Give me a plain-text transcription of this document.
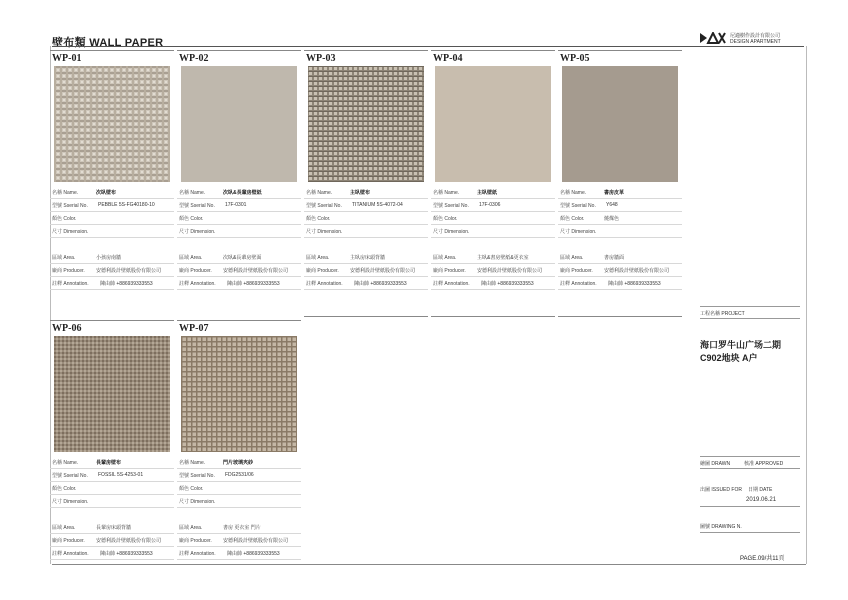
壁布類 WALL PAPER
尼適樹作設計有限公司
DESIGN APARTMENT
WP-01
名稱 Name.	次臥壁布
型號 Sserial No. PEBBLE 5S-FG40180-10
顏色 Color.
尺寸 Dimension.
區域 Area.	小孩房南牆
廠商 Producer. 安德利設計壁紙股份有限公司
註釋 Annotation. 陳由帥 +886939333553
WP-02
名稱 Name.	次臥&長輩房壁紙
型號 Sserial No. 17F-0301
顏色 Color.
尺寸 Dimension.
區域 Area.	次臥&長輩房壁面
廠商 Producer. 安德利設計壁紙股份有限公司
註釋 Annotation. 陳由帥 +886939333553
WP-03
名稱 Name.	主臥壁布
型號 Sserial No. TITANIUM 5S-4072-04
顏色 Color.
尺寸 Dimension.
區域 Area.	主臥房床頭背牆
廠商 Producer. 安德利設計壁紙股份有限公司
註釋 Annotation. 陳由帥 +886939333553
WP-04
名稱 Name.	主臥壁紙
型號 Sserial No. 17F-0306
顏色 Color.
尺寸 Dimension.
區域 Area.	主臥&書房壁紙&更衣室
廠商 Producer. 安德利設計壁紙股份有限公司
註釋 Annotation. 陳由帥 +886939333553
WP-05
名稱 Name.	書房皮革
型號 Sserial No. Y648
顏色 Color.	燒煤色
尺寸 Dimension.
區域 Area.	書房牆面
廠商 Producer. 安德利設計壁紙股份有限公司
註釋 Annotation. 陳由帥 +886939333553
WP-06
名稱 Name.	長輩房壁布
型號 Sserial No. FOSSIL 5S-4253-01
顏色 Color.
尺寸 Dimension.
區域 Area.	長輩房床頭背牆
廠商 Producer. 安德利設計壁紙股份有限公司
註釋 Annotation. 陳由帥 +886939333553
WP-07
名稱 Name.	門片玻璃夾紗
型號 Sserial No. FDG2531/06
顏色 Color.
尺寸 Dimension.
區域 Area.	書房 更衣室 門片
廠商 Producer. 安德利設計壁紙股份有限公司
註釋 Annotation. 陳由帥 +886939333553
工程名稱 PROJECT
海口罗牛山广场二期
C902地块 A户
繪圖 DRAWN	核准 APPROVED
出圖 ISSUED FOR 日期 DATE
2019.06.21
圖號 DRAWING N.
PAGE.09/共11頁
